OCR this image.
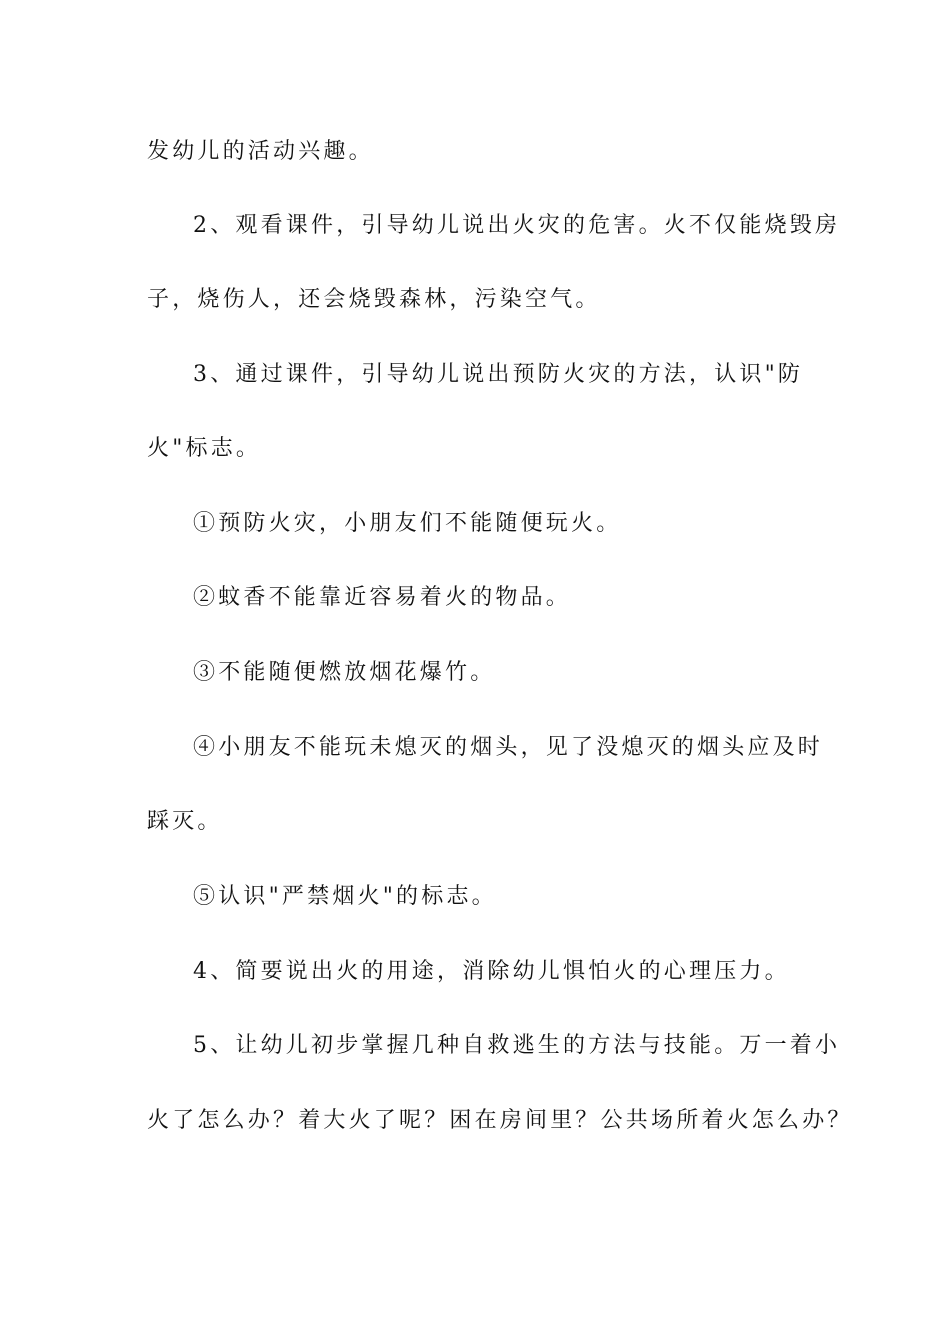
发幼儿的活动兴趣。

2、观看课件，引导幼儿说出火灾的危害。火不仅能烧毁房

子，烧伤人，还会烧毁森林，污染空气。

3、通过课件，引导幼儿说出预防火灾的方法，认识"防

火"标志。

①预防火灾，小朋友们不能随便玩火。

②蚊香不能靠近容易着火的物品。

③不能随便燃放烟花爆竹。

④小朋友不能玩未熄灭的烟头，见了没熄灭的烟头应及时

踩灭。

⑤认识"严禁烟火"的标志。

4、简要说出火的用途，消除幼儿惧怕火的心理压力。

5、让幼儿初步掌握几种自救逃生的方法与技能。万一着小

火了怎么办？着大火了呢？困在房间里？公共场所着火怎么办？
